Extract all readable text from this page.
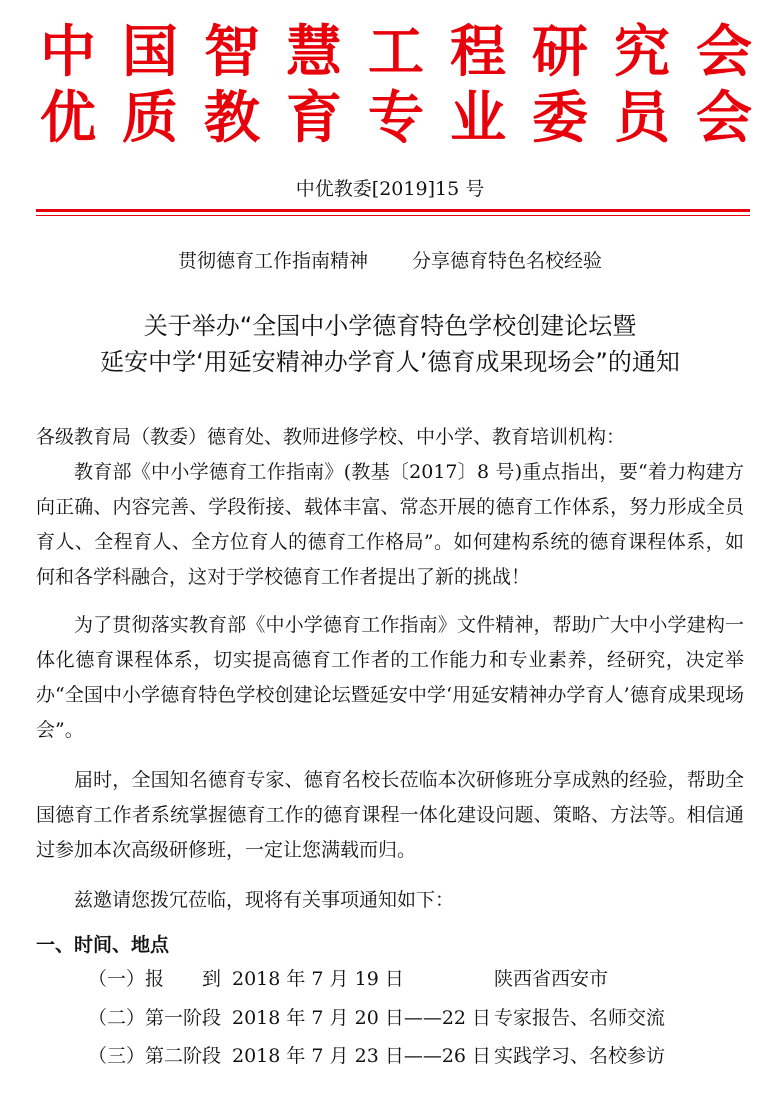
中国智慧工程研究会
优质教育专业委员会
中优教委[2019]15 号
贯彻德育工作指南精神 分享德育特色名校经验
关于举办“全国中小学德育特色学校创建论坛暨
延安中学‘用延安精神办学育人’德育成果现场会”的通知
各级教育局（教委）德育处、教师进修学校、中小学、教育培训机构：
教育部《中小学德育工作指南》(教基〔2017〕8 号)重点指出，要“着力构建方向正确、内容完善、学段衔接、载体丰富、常态开展的德育工作体系，努力形成全员育人、全程育人、全方位育人的德育工作格局”。如何建构系统的德育课程体系，如何和各学科融合，这对于学校德育工作者提出了新的挑战！
为了贯彻落实教育部《中小学德育工作指南》文件精神，帮助广大中小学建构一体化德育课程体系，切实提高德育工作者的工作能力和专业素养，经研究，决定举办“全国中小学德育特色学校创建论坛暨延安中学‘用延安精神办学育人’德育成果现场会”。
届时，全国知名德育专家、德育名校长莅临本次研修班分享成熟的经验，帮助全国德育工作者系统掌握德育工作的德育课程一体化建设问题、策略、方法等。相信通过参加本次高级研修班，一定让您满载而归。
兹邀请您拨冗莅临，现将有关事项通知如下：
一、时间、地点
（一）报　　到 2018 年 7 月 19 日	陕西省西安市
（二）第一阶段 2018 年 7 月 20 日——22 日 专家报告、名师交流
（三）第二阶段 2018 年 7 月 23 日——26 日 实践学习、名校参访
